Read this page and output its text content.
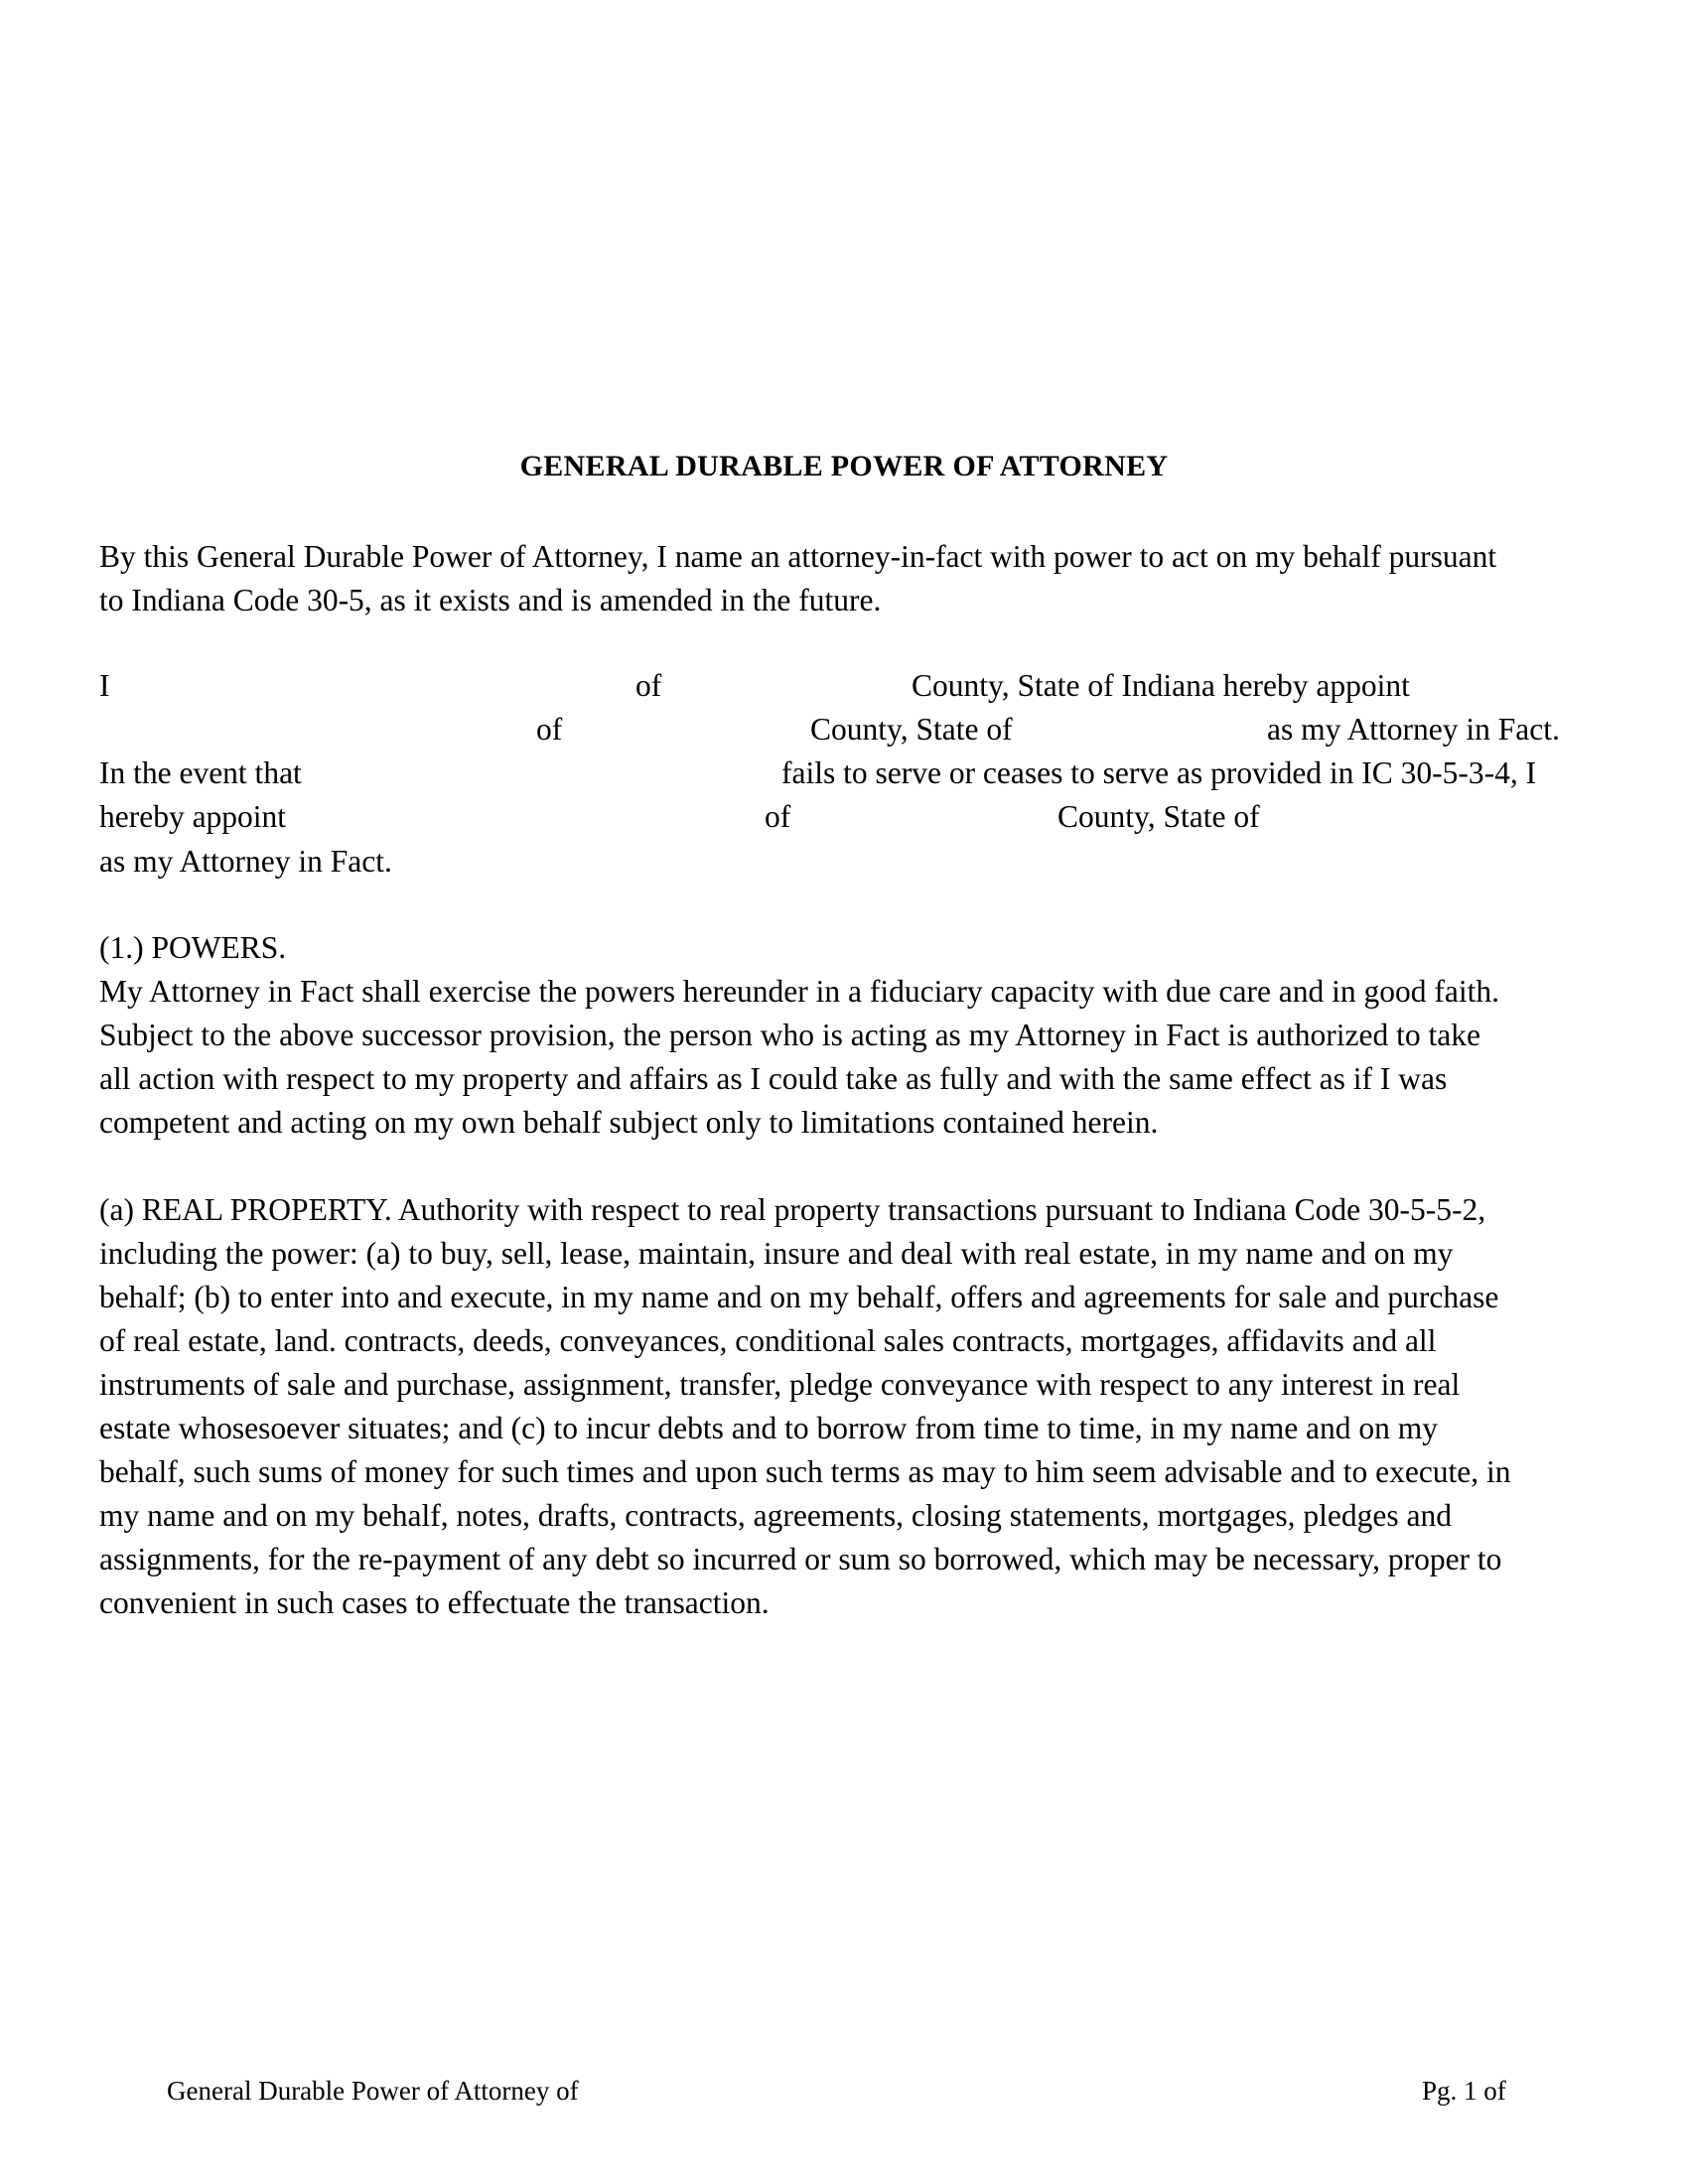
GENERAL DURABLE POWER OF ATTORNEY
By this General Durable Power of Attorney, I name an attorney-in-fact with power to act on my behalf pursuant
to Indiana Code 30-5, as it exists and is amended in the future.
I	of	County, State of Indiana hereby appoint
of	County, State of	as my Attorney in Fact.
In the event that	fails to serve or ceases to serve as provided in IC 30-5-3-4, I
hereby appoint	of	County, State of
as my Attorney in Fact.
(1.) POWERS.
My Attorney in Fact shall exercise the powers hereunder in a fiduciary capacity with due care and in good faith.
Subject to the above successor provision, the person who is acting as my Attorney in Fact is authorized to take
all action with respect to my property and affairs as I could take as fully and with the same effect as if I was
competent and acting on my own behalf subject only to limitations contained herein.
(a) REAL PROPERTY. Authority with respect to real property transactions pursuant to Indiana Code 30-5-5-2,
including the power: (a) to buy, sell, lease, maintain, insure and deal with real estate, in my name and on my
behalf; (b) to enter into and execute, in my name and on my behalf, offers and agreements for sale and purchase
of real estate, land. contracts, deeds, conveyances, conditional sales contracts, mortgages, affidavits and all
instruments of sale and purchase, assignment, transfer, pledge conveyance with respect to any interest in real
estate whosesoever situates; and (c) to incur debts and to borrow from time to time, in my name and on my
behalf, such sums of money for such times and upon such terms as may to him seem advisable and to execute, in
my name and on my behalf, notes, drafts, contracts, agreements, closing statements, mortgages, pledges and
assignments, for the re-payment of any debt so incurred or sum so borrowed, which may be necessary, proper to
convenient in such cases to effectuate the transaction.
General Durable Power of Attorney of	Pg. 1 of
